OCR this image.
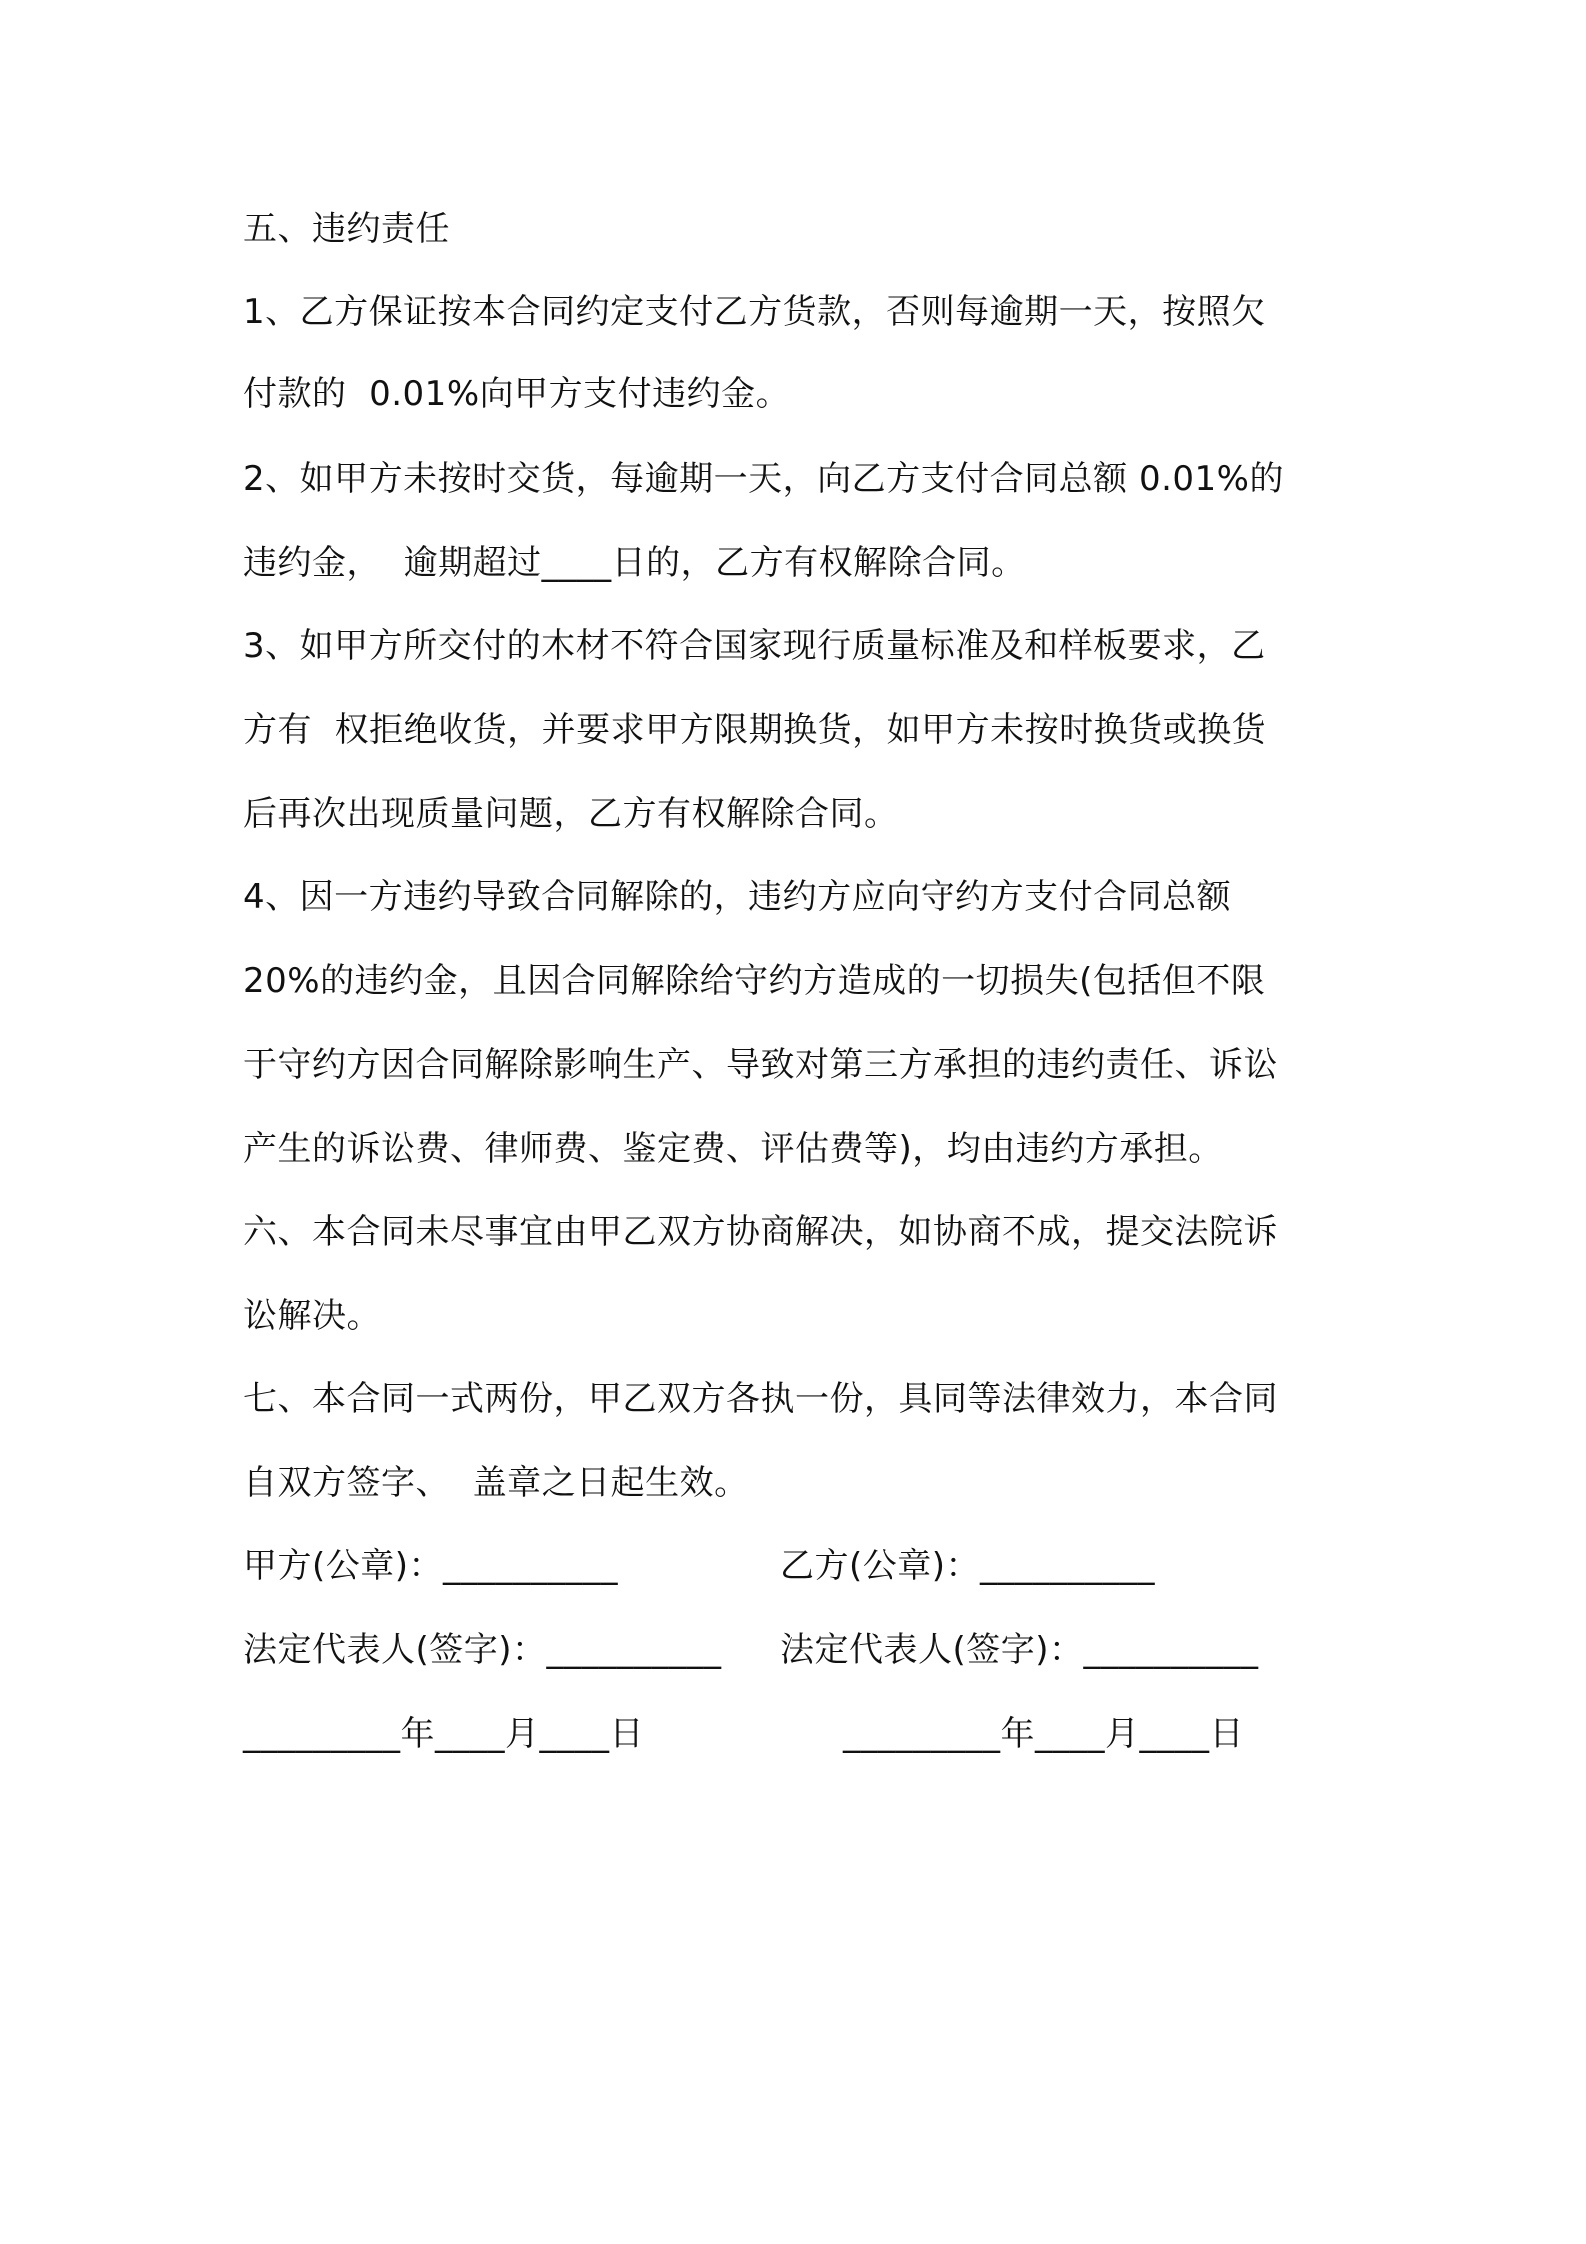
五、违约责任
1、乙方保证按本合同约定支付乙方货款，否则每逾期一天，按照欠
付款的  0.01%向甲方支付违约金。
2、如甲方未按时交货，每逾期一天，向乙方支付合同总额 0.01%的
违约金，  逾期超过____日的，乙方有权解除合同。
3、如甲方所交付的木材不符合国家现行质量标准及和样板要求，乙
方有  权拒绝收货，并要求甲方限期换货，如甲方未按时换货或换货
后再次出现质量问题，乙方有权解除合同。
4、因一方违约导致合同解除的，违约方应向守约方支付合同总额
20%的违约金，且因合同解除给守约方造成的一切损失(包括但不限
于守约方因合同解除影响生产、导致对第三方承担的违约责任、诉讼
产生的诉讼费、律师费、鉴定费、评估费等)，均由违约方承担。
六、本合同未尽事宜由甲乙双方协商解决，如协商不成，提交法院诉
讼解决。
七、本合同一式两份，甲乙双方各执一份，具同等法律效力，本合同
自双方签字、  盖章之日起生效。
甲方(公章)：__________	乙方(公章)：__________
法定代表人(签字)：__________ 法定代表人(签字)：__________
_________年____月____日	_________年____月____日
